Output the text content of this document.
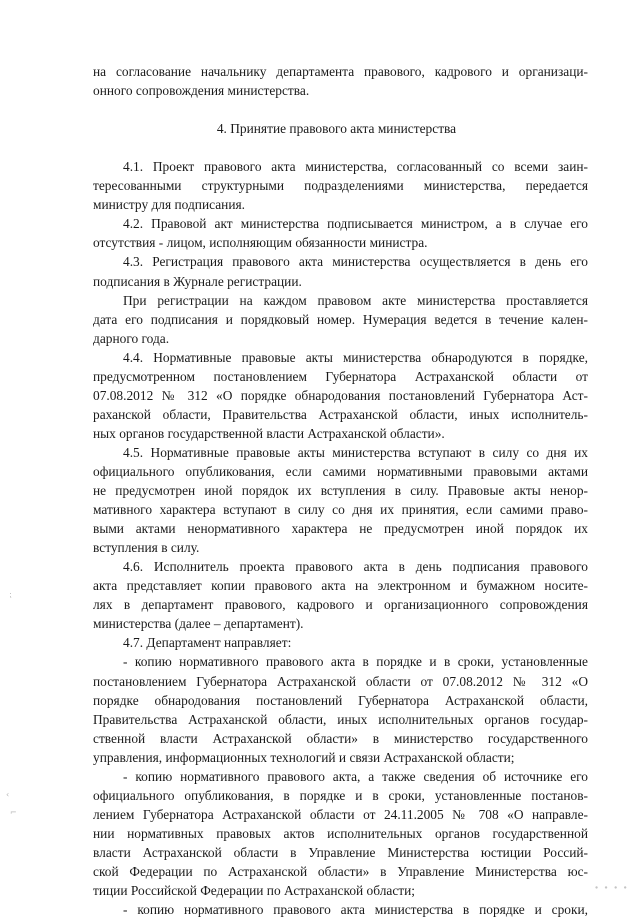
на согласование начальнику департамента правового, кадрового и организаци-
онного сопровождения министерства.
4. Принятие правового акта министерства
4.1. Проект правового акта министерства, согласованный со всеми заин-
тересованными структурными подразделениями министерства, передается
министру для подписания.
4.2. Правовой акт министерства подписывается министром, а в случае его
отсутствия - лицом, исполняющим обязанности министра.
4.3. Регистрация правового акта министерства осуществляется в день его
подписания в Журнале регистрации.
При регистрации на каждом правовом акте министерства проставляется
дата его подписания и порядковый номер. Нумерация ведется в течение кален-
дарного года.
4.4. Нормативные правовые акты министерства обнародуются в порядке,
предусмотренном постановлением Губернатора Астраханской области от
07.08.2012 № 312 «О порядке обнародования постановлений Губернатора Аст-
раханской области, Правительства Астраханской области, иных исполнитель-
ных органов государственной власти Астраханской области».
4.5. Нормативные правовые акты министерства вступают в силу со дня их
официального опубликования, если самими нормативными правовыми актами
не предусмотрен иной порядок их вступления в силу. Правовые акты ненор-
мативного характера вступают в силу со дня их принятия, если самими право-
выми актами ненормативного характера не предусмотрен иной порядок их
вступления в силу.
4.6. Исполнитель проекта правового акта в день подписания правового
акта представляет копии правового акта на электронном и бумажном носите-
лях в департамент правового, кадрового и организационного сопровождения
министерства (далее – департамент).
4.7. Департамент направляет:
- копию нормативного правового акта в порядке и в сроки, установленные
постановлением Губернатора Астраханской области от 07.08.2012 № 312 «О
порядке обнародования постановлений Губернатора Астраханской области,
Правительства Астраханской области, иных исполнительных органов государ-
ственной власти Астраханской области» в министерство государственного
управления, информационных технологий и связи Астраханской области;
- копию нормативного правового акта, а также сведения об источнике его
официального опубликования, в порядке и в сроки, установленные постанов-
лением Губернатора Астраханской области от 24.11.2005 № 708 «О направле-
нии нормативных правовых актов исполнительных органов государственной
власти Астраханской области в Управление Министерства юстиции Россий-
ской Федерации по Астраханской области» в Управление Министерства юс-
тиции Российской Федерации по Астраханской области;
- копию нормативного правового акта министерства в порядке и сроки,
⁏
‹
⌐
∙ ∙ ∙ ∙
